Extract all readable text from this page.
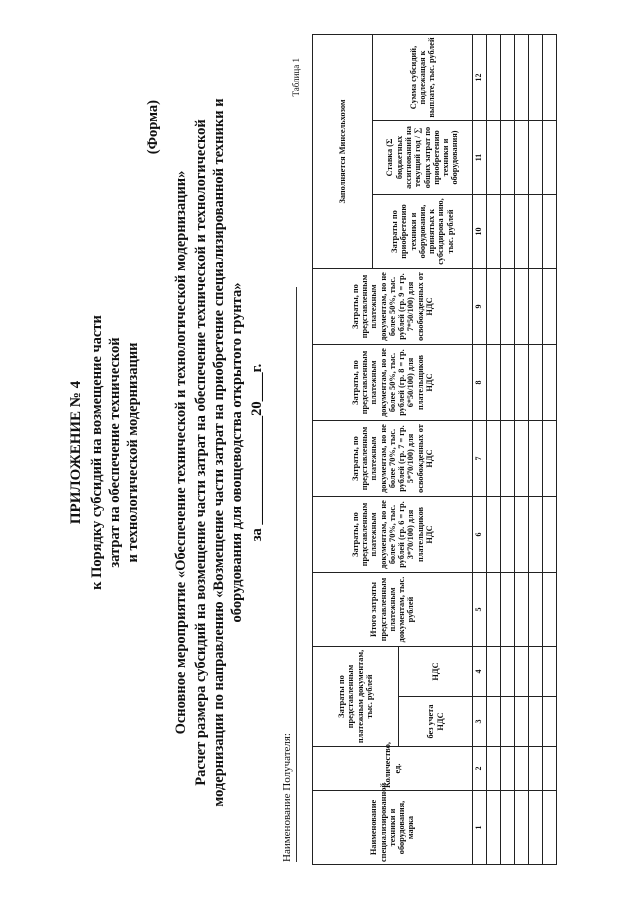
ПРИЛОЖЕНИЕ № 4 к Порядку субсидий на возмещение части затрат на обеспечение технической и технологической модернизации
(Форма)
Основное мероприятие «Обеспечение технической и технологической модернизации» Расчет размера субсидий на возмещение части затрат на обеспечение технической и технологической модернизации по направлению «Возмещение части затрат на приобретение специализированной техники и оборудования для овощеводства открытого грунта» за _______________20____г.
Наименование Получателя:
Таблица 1
Наименование специализированной техники и оборудования, марка	Количество, ед.	Затраты по представленным платежным документам, тыс. рублей		Итого затраты представленным платежным документам, тыс. рублей	Затраты, по представленным платежным документам, но не более 70%, тыс. рублей (гр. 6 = гр. 3*70/100) для плательщиков НДС	Затраты, по представленным платежным документам, но не более 70%, тыс. рублей (гр. 7 = гр. 5*70/100) для освобожденных от НДС	Затраты, по представленным платежным документам, но не более 50%, тыс. рублей (гр. 8 = гр. 6*50/100) для плательщиков НДС	Затраты, по представленным платежным документам, но не более 50%, тыс. рублей (гр. 9 = гр. 7*50/100) для освобожденных от НДС	Заполняется Минсельхозом		
									Затраты по приобретению техники и оборудовании, принятых к субсидирова нию, тыс. рублей	Ставка (Σ бюджетных ассигнований на текущий год / ∑ общих затрат по приобретению техники и оборудования)	Сумма субсидий, подлежащая к выплате, тыс. рублей
		без учета НДС	НДС								
1	2	3	4	5	6	7	8	9	10	11	12
